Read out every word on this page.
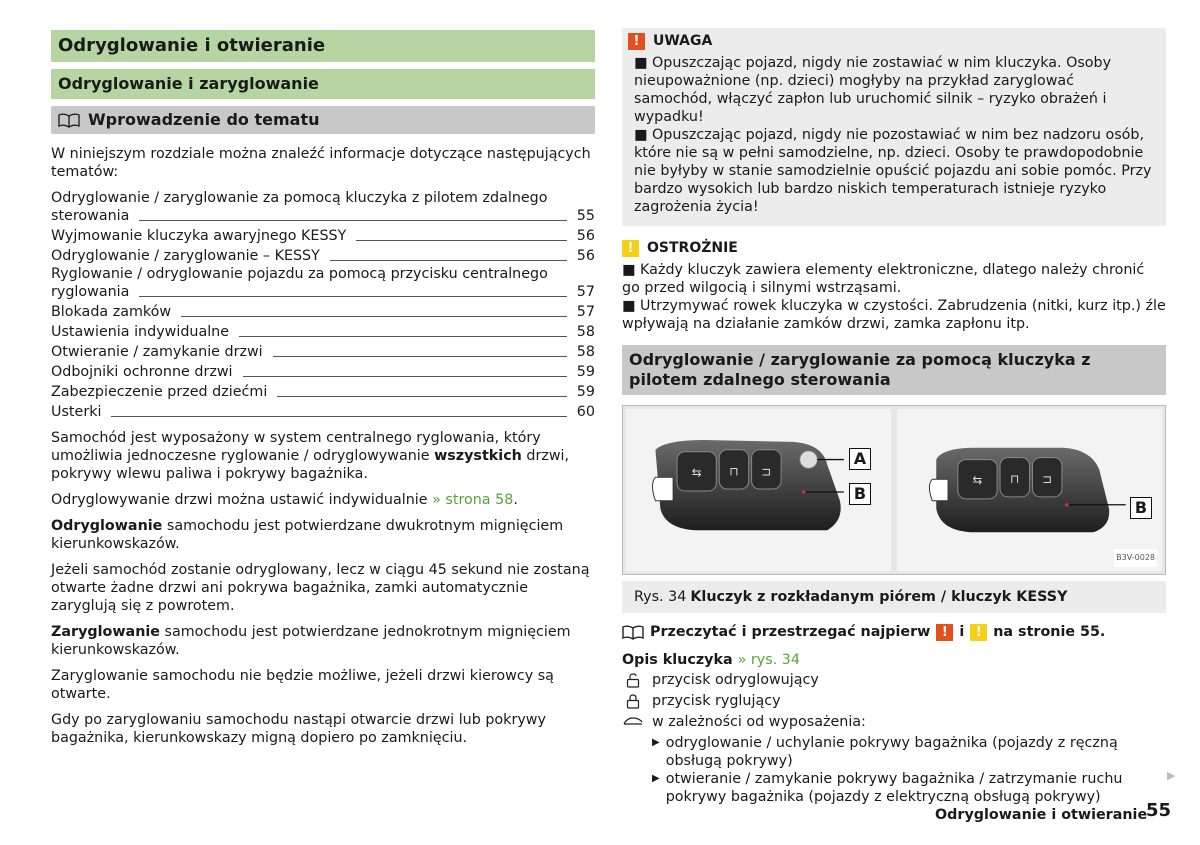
Odryglowanie i otwieranie
Odryglowanie i zaryglowanie
Wprowadzenie do tematu

W niniejszym rozdziale można znaleźć informacje dotyczące następujących tematów:

Odryglowanie / zaryglowanie za pomocą kluczyka z pilotem zdalnego
sterowania	55
Wyjmowanie kluczyka awaryjnego KESSY	56
Odryglowanie / zaryglowanie – KESSY	56
Ryglowanie / odryglowanie pojazdu za pomocą przycisku centralnego
ryglowania	57
Blokada zamków	57
Ustawienia indywidualne	58
Otwieranie / zamykanie drzwi	58
Odbojniki ochronne drzwi	59
Zabezpieczenie przed dziećmi	59
Usterki	60

Samochód jest wyposażony w system centralnego ryglowania, który umożliwia jednoczesne ryglowanie / odryglowywanie wszystkich drzwi, pokrywy wlewu paliwa i pokrywy bagażnika.

Odryglowywanie drzwi można ustawić indywidualnie » strona 58.

Odryglowanie samochodu jest potwierdzane dwukrotnym mignięciem kierunkowskazów.

Jeżeli samochód zostanie odryglowany, lecz w ciągu 45 sekund nie zostaną otwarte żadne drzwi ani pokrywa bagażnika, zamki automatycznie zaryglują się z powrotem.

Zaryglowanie samochodu jest potwierdzane jednokrotnym mignięciem kierunkowskazów.

Zaryglowanie samochodu nie będzie możliwe, jeżeli drzwi kierowcy są otwarte.

Gdy po zaryglowaniu samochodu nastąpi otwarcie drzwi lub pokrywy bagażnika, kierunkowskazy migną dopiero po zamknięciu.

! UWAGA
■ Opuszczając pojazd, nigdy nie zostawiać w nim kluczyka. Osoby nieupoważnione (np. dzieci) mogłyby na przykład zaryglować samochód, włączyć zapłon lub uruchomić silnik – ryzyko obrażeń i wypadku!
■ Opuszczając pojazd, nigdy nie pozostawiać w nim bez nadzoru osób, które nie są w pełni samodzielne, np. dzieci. Osoby te prawdopodobnie nie byłyby w stanie samodzielnie opuścić pojazdu ani sobie pomóc. Przy bardzo wysokich lub bardzo niskich temperaturach istnieje ryzyko zagrożenia życia!
! OSTROŻNIE
■ Każdy kluczyk zawiera elementy elektroniczne, dlatego należy chronić go przed wilgocią i silnymi wstrząsami.
■ Utrzymywać rowek kluczyka w czystości. Zabrudzenia (nitki, kurz itp.) źle wpływają na działanie zamków drzwi, zamka zapłonu itp.
Odryglowanie / zaryglowanie za pomocą kluczyka z pilotem zdalnego sterowania
⇆ ⊓ ⊐
A
B
⇆ ⊓ ⊐
B
B3V-0028
Rys. 34 Kluczyk z rozkładanym piórem / kluczyk KESSY
Przeczytać i przestrzegać najpierw ! i ! na stronie 55.
Opis kluczyka » rys. 34
przycisk odryglowujący
przycisk ryglujący
w zależności od wyposażenia:
▶ odryglowanie / uchylanie pokrywy bagażnika (pojazdy z ręczną obsługą pokrywy)
▶ otwieranie / zamykanie pokrywy bagażnika / zatrzymanie ruchu pokrywy bagażnika (pojazdy z elektryczną obsługą pokrywy)
▶
Odryglowanie i otwieranie
55
